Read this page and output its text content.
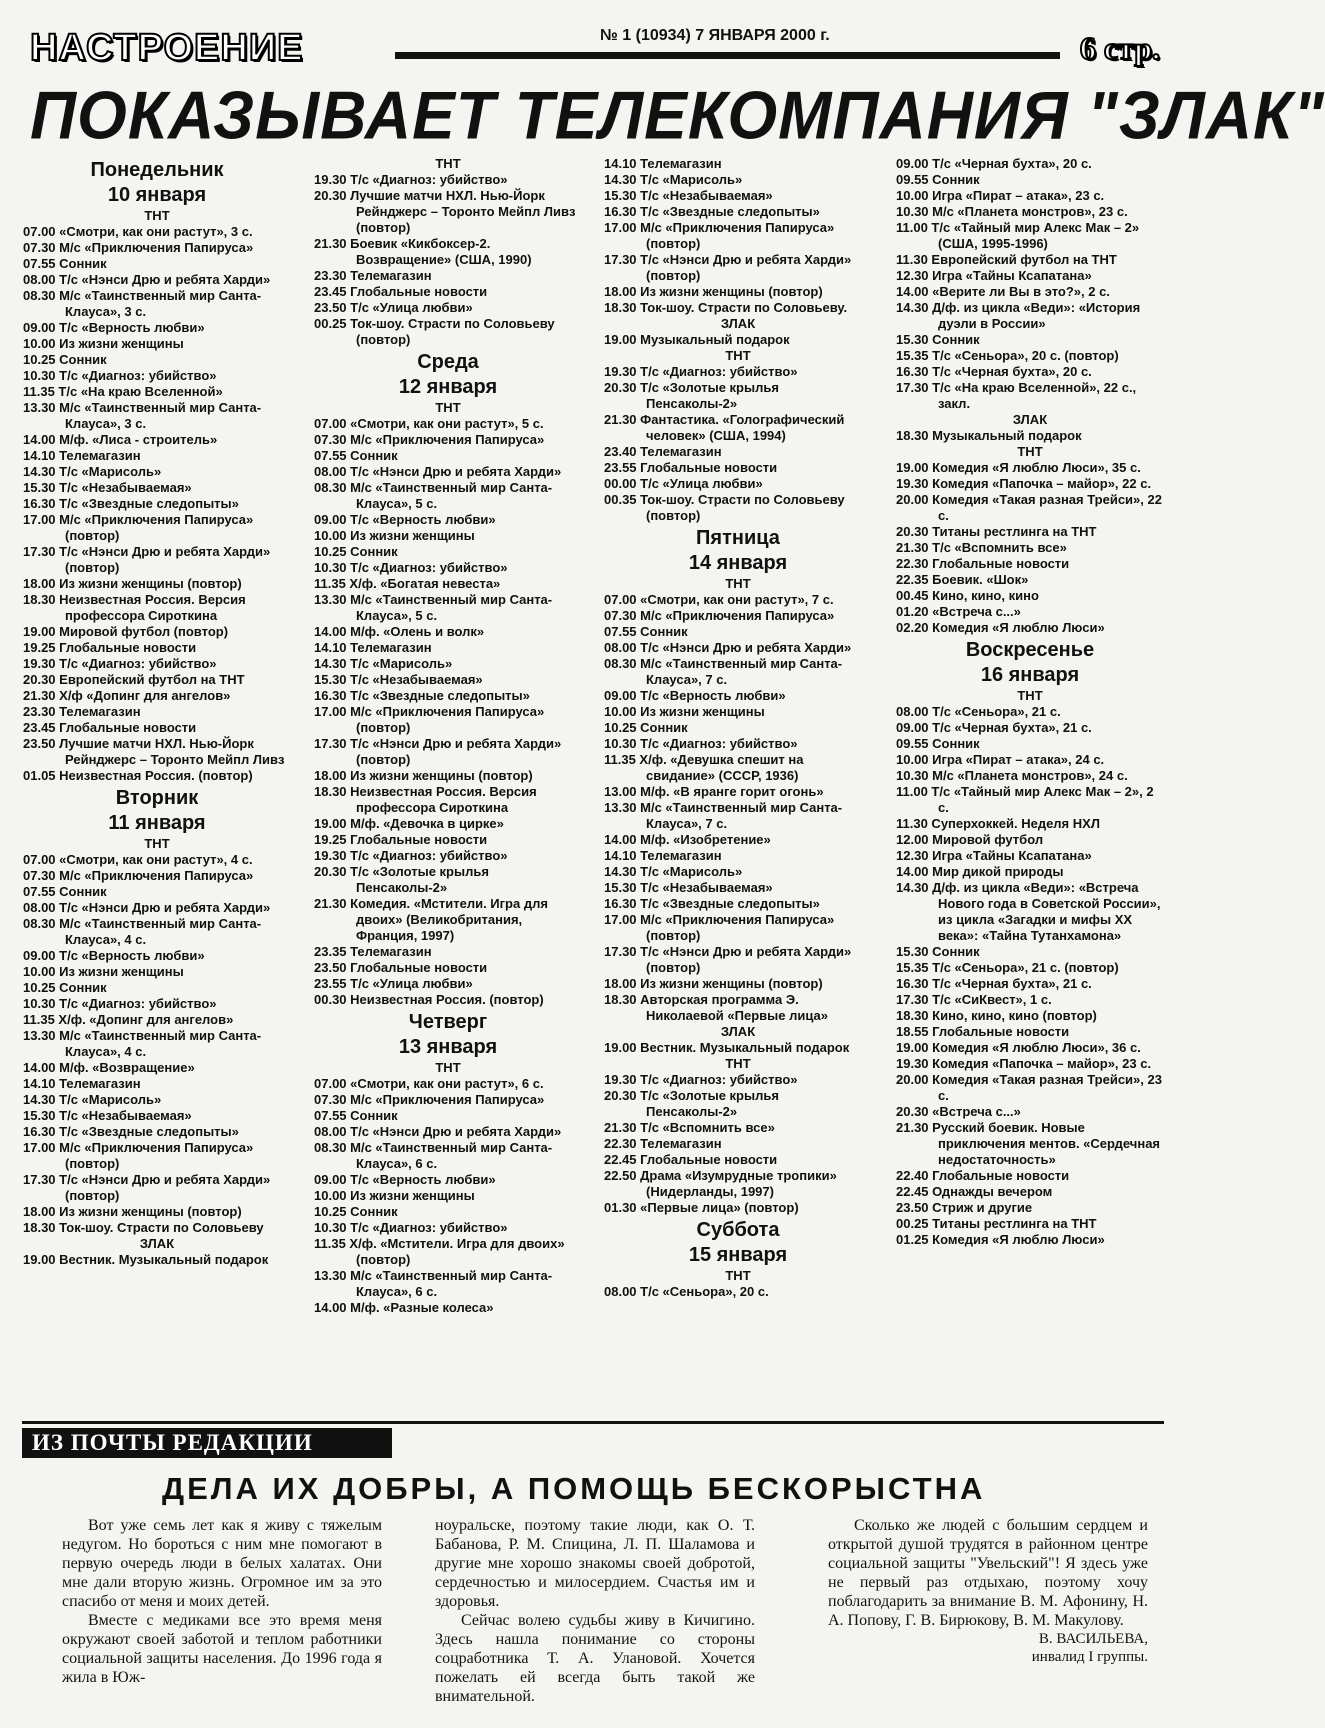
НАСТРОЕНИЕ	№ 1 (10934) 7 ЯНВАРЯ 2000 г.	6 стр.
ПОКАЗЫВАЕТ ТЕЛЕКОМПАНИЯ "ЗЛАК"
Понедельник
10 января
ТНТ
07.00 «Смотри, как они растут», 3 с.
07.30 М/с «Приключения Папируса»
07.55 Сонник
08.00 Т/с «Нэнси Дрю и ребята Харди»
08.30 М/с «Таинственный мир Санта-Клауса», 3 с.
09.00 Т/с «Верность любви»
10.00 Из жизни женщины
10.25 Сонник
10.30 Т/с «Диагноз: убийство»
11.35 Т/с «На краю Вселенной»
13.30 М/с «Таинственный мир Санта-Клауса», 3 с.
14.00 М/ф. «Лиса - строитель»
14.10 Телемагазин
14.30 Т/с «Марисоль»
15.30 Т/с «Незабываемая»
16.30 Т/с «Звездные следопыты»
17.00 М/с «Приключения Папируса» (повтор)
17.30 Т/с «Нэнси Дрю и ребята Харди» (повтор)
18.00 Из жизни женщины (повтор)
18.30 Неизвестная Россия. Версия профессора Сироткина
19.00 Мировой футбол (повтор)
19.25 Глобальные новости
19.30 Т/с «Диагноз: убийство»
20.30 Европейский футбол на ТНТ
21.30 Х/ф «Допинг для ангелов»
23.30 Телемагазин
23.45 Глобальные новости
23.50 Лучшие матчи НХЛ. Нью-Йорк Рейнджерс – Торонто Мейпл Ливз
01.05 Неизвестная Россия. (повтор)
Вторник
11 января
ТНТ
07.00 «Смотри, как они растут», 4 с.
07.30 М/с «Приключения Папируса»
07.55 Сонник
08.00 Т/с «Нэнси Дрю и ребята Харди»
08.30 М/с «Таинственный мир Санта-Клауса», 4 с.
09.00 Т/с «Верность любви»
10.00 Из жизни женщины
10.25 Сонник
10.30 Т/с «Диагноз: убийство»
11.35 Х/ф. «Допинг для ангелов»
13.30 М/с «Таинственный мир Санта-Клауса», 4 с.
14.00 М/ф. «Возвращение»
14.10 Телемагазин
14.30 Т/с «Марисоль»
15.30 Т/с «Незабываемая»
16.30 Т/с «Звездные следопыты»
17.00 М/с «Приключения Папируса» (повтор)
17.30 Т/с «Нэнси Дрю и ребята Харди» (повтор)
18.00 Из жизни женщины (повтор)
18.30 Ток-шоу. Страсти по Соловьеву
ЗЛАК
19.00 Вестник. Музыкальный подарок
ТНТ
19.30 Т/с «Диагноз: убийство»
20.30 Лучшие матчи НХЛ. Нью-Йорк Рейнджерс – Торонто Мейпл Ливз (повтор)
21.30 Боевик «Кикбоксер-2. Возвращение» (США, 1990)
23.30 Телемагазин
23.45 Глобальные новости
23.50 Т/с «Улица любви»
00.25 Ток-шоу. Страсти по Соловьеву (повтор)
Среда
12 января
ТНТ
07.00 «Смотри, как они растут», 5 с.
07.30 М/с «Приключения Папируса»
07.55 Сонник
08.00 Т/с «Нэнси Дрю и ребята Харди»
08.30 М/с «Таинственный мир Санта-Клауса», 5 с.
09.00 Т/с «Верность любви»
10.00 Из жизни женщины
10.25 Сонник
10.30 Т/с «Диагноз: убийство»
11.35 Х/ф. «Богатая невеста»
13.30 М/с «Таинственный мир Санта-Клауса», 5 с.
14.00 М/ф. «Олень и волк»
14.10 Телемагазин
14.30 Т/с «Марисоль»
15.30 Т/с «Незабываемая»
16.30 Т/с «Звездные следопыты»
17.00 М/с «Приключения Папируса» (повтор)
17.30 Т/с «Нэнси Дрю и ребята Харди» (повтор)
18.00 Из жизни женщины (повтор)
18.30 Неизвестная Россия. Версия профессора Сироткина
19.00 М/ф. «Девочка в цирке»
19.25 Глобальные новости
19.30 Т/с «Диагноз: убийство»
20.30 Т/с «Золотые крылья Пенсаколы-2»
21.30 Комедия. «Мстители. Игра для двоих» (Великобритания, Франция, 1997)
23.35 Телемагазин
23.50 Глобальные новости
23.55 Т/с «Улица любви»
00.30 Неизвестная Россия. (повтор)
Четверг
13 января
ТНТ
07.00 «Смотри, как они растут», 6 с.
07.30 М/с «Приключения Папируса»
07.55 Сонник
08.00 Т/с «Нэнси Дрю и ребята Харди»
08.30 М/с «Таинственный мир Санта-Клауса», 6 с.
09.00 Т/с «Верность любви»
10.00 Из жизни женщины
10.25 Сонник
10.30 Т/с «Диагноз: убийство»
11.35 Х/ф. «Мстители. Игра для двоих» (повтор)
13.30 М/с «Таинственный мир Санта-Клауса», 6 с.
14.00 М/ф. «Разные колеса»
14.10 Телемагазин
14.30 Т/с «Марисоль»
15.30 Т/с «Незабываемая»
16.30 Т/с «Звездные следопыты»
17.00 М/с «Приключения Папируса» (повтор)
17.30 Т/с «Нэнси Дрю и ребята Харди» (повтор)
18.00 Из жизни женщины (повтор)
18.30 Ток-шоу. Страсти по Соловьеву.
ЗЛАК
19.00 Музыкальный подарок
ТНТ
19.30 Т/с «Диагноз: убийство»
20.30 Т/с «Золотые крылья Пенсаколы-2»
21.30 Фантастика. «Голографический человек» (США, 1994)
23.40 Телемагазин
23.55 Глобальные новости
00.00 Т/с «Улица любви»
00.35 Ток-шоу. Страсти по Соловьеву (повтор)
Пятница
14 января
ТНТ
07.00 «Смотри, как они растут», 7 с.
07.30 М/с «Приключения Папируса»
07.55 Сонник
08.00 Т/с «Нэнси Дрю и ребята Харди»
08.30 М/с «Таинственный мир Санта-Клауса», 7 с.
09.00 Т/с «Верность любви»
10.00 Из жизни женщины
10.25 Сонник
10.30 Т/с «Диагноз: убийство»
11.35 Х/ф. «Девушка спешит на свидание» (СССР, 1936)
13.00 М/ф. «В яранге горит огонь»
13.30 М/с «Таинственный мир Санта-Клауса», 7 с.
14.00 М/ф. «Изобретение»
14.10 Телемагазин
14.30 Т/с «Марисоль»
15.30 Т/с «Незабываемая»
16.30 Т/с «Звездные следопыты»
17.00 М/с «Приключения Папируса» (повтор)
17.30 Т/с «Нэнси Дрю и ребята Харди» (повтор)
18.00 Из жизни женщины (повтор)
18.30 Авторская программа Э. Николаевой «Первые лица»
ЗЛАК
19.00 Вестник. Музыкальный подарок
ТНТ
19.30 Т/с «Диагноз: убийство»
20.30 Т/с «Золотые крылья Пенсаколы-2»
21.30 Т/с «Вспомнить все»
22.30 Телемагазин
22.45 Глобальные новости
22.50 Драма «Изумрудные тропики» (Нидерланды, 1997)
01.30 «Первые лица» (повтор)
Суббота
15 января
ТНТ
08.00 Т/с «Сеньора», 20 с.
09.00 Т/с «Черная бухта», 20 с.
09.55 Сонник
10.00 Игра «Пират – атака», 23 с.
10.30 М/с «Планета монстров», 23 с.
11.00 Т/с «Тайный мир Алекс Мак – 2» (США, 1995-1996)
11.30 Европейский футбол на ТНТ
12.30 Игра «Тайны Ксапатана»
14.00 «Верите ли Вы в это?», 2 с.
14.30 Д/ф. из цикла «Веди»: «История дуэли в России»
15.30 Сонник
15.35 Т/с «Сеньора», 20 с. (повтор)
16.30 Т/с «Черная бухта», 20 с.
17.30 Т/с «На краю Вселенной», 22 с., закл.
ЗЛАК
18.30 Музыкальный подарок
ТНТ
19.00 Комедия «Я люблю Люси», 35 с.
19.30 Комедия «Папочка – майор», 22 с.
20.00 Комедия «Такая разная Трейси», 22 с.
20.30 Титаны рестлинга на ТНТ
21.30 Т/с «Вспомнить все»
22.30 Глобальные новости
22.35 Боевик. «Шок»
00.45 Кино, кино, кино
01.20 «Встреча с...»
02.20 Комедия «Я люблю Люси»
Воскресенье
16 января
ТНТ
08.00 Т/с «Сеньора», 21 с.
09.00 Т/с «Черная бухта», 21 с.
09.55 Сонник
10.00 Игра «Пират – атака», 24 с.
10.30 М/с «Планета монстров», 24 с.
11.00 Т/с «Тайный мир Алекс Мак – 2», 2 с.
11.30 Суперхоккей. Неделя НХЛ
12.00 Мировой футбол
12.30 Игра «Тайны Ксапатана»
14.00 Мир дикой природы
14.30 Д/ф. из цикла «Веди»: «Встреча Нового года в Советской России», из цикла «Загадки и мифы XX века»: «Тайна Тутанхамона»
15.30 Сонник
15.35 Т/с «Сеньора», 21 с. (повтор)
16.30 Т/с «Черная бухта», 21 с.
17.30 Т/с «СиКвест», 1 с.
18.30 Кино, кино, кино (повтор)
18.55 Глобальные новости
19.00 Комедия «Я люблю Люси», 36 с.
19.30 Комедия «Папочка – майор», 23 с.
20.00 Комедия «Такая разная Трейси», 23 с.
20.30 «Встреча с...»
21.30 Русский боевик. Новые приключения ментов. «Сердечная недостаточность»
22.40 Глобальные новости
22.45 Однажды вечером
23.50 Стриж и другие
00.25 Титаны рестлинга на ТНТ
01.25 Комедия «Я люблю Люси»
ИЗ ПОЧТЫ РЕДАКЦИИ
ДЕЛА ИХ ДОБРЫ, А ПОМОЩЬ БЕСКОРЫСТНА

Вот уже семь лет как я живу с тяжелым недугом. Но бороться с ним мне помогают в первую очередь люди в белых халатах. Они мне дали вторую жизнь. Огромное им за это спасибо от меня и моих детей.

Вместе с медиками все это время меня окружают своей заботой и теплом работники социальной защиты населения. До 1996 года я жила в Юж-

ноуральске, поэтому такие люди, как О. Т. Бабанова, Р. М. Спицина, Л. П. Шаламова и другие мне хорошо знакомы своей добротой, сердечностью и милосердием. Счастья им и здоровья.

Сейчас волею судьбы живу в Кичигино. Здесь нашла понимание со стороны соцработника Т. А. Улановой. Хочется пожелать ей всегда быть такой же внимательной.

Сколько же людей с большим сердцем и открытой душой трудятся в районном центре социальной защиты "Увельский"! Я здесь уже не первый раз отдыхаю, поэтому хочу поблагодарить за внимание В. М. Афонину, Н. А. Попову, Г. В. Бирюкову, В. М. Макулову.

В. ВАСИЛЬЕВА,
инвалид I группы.
